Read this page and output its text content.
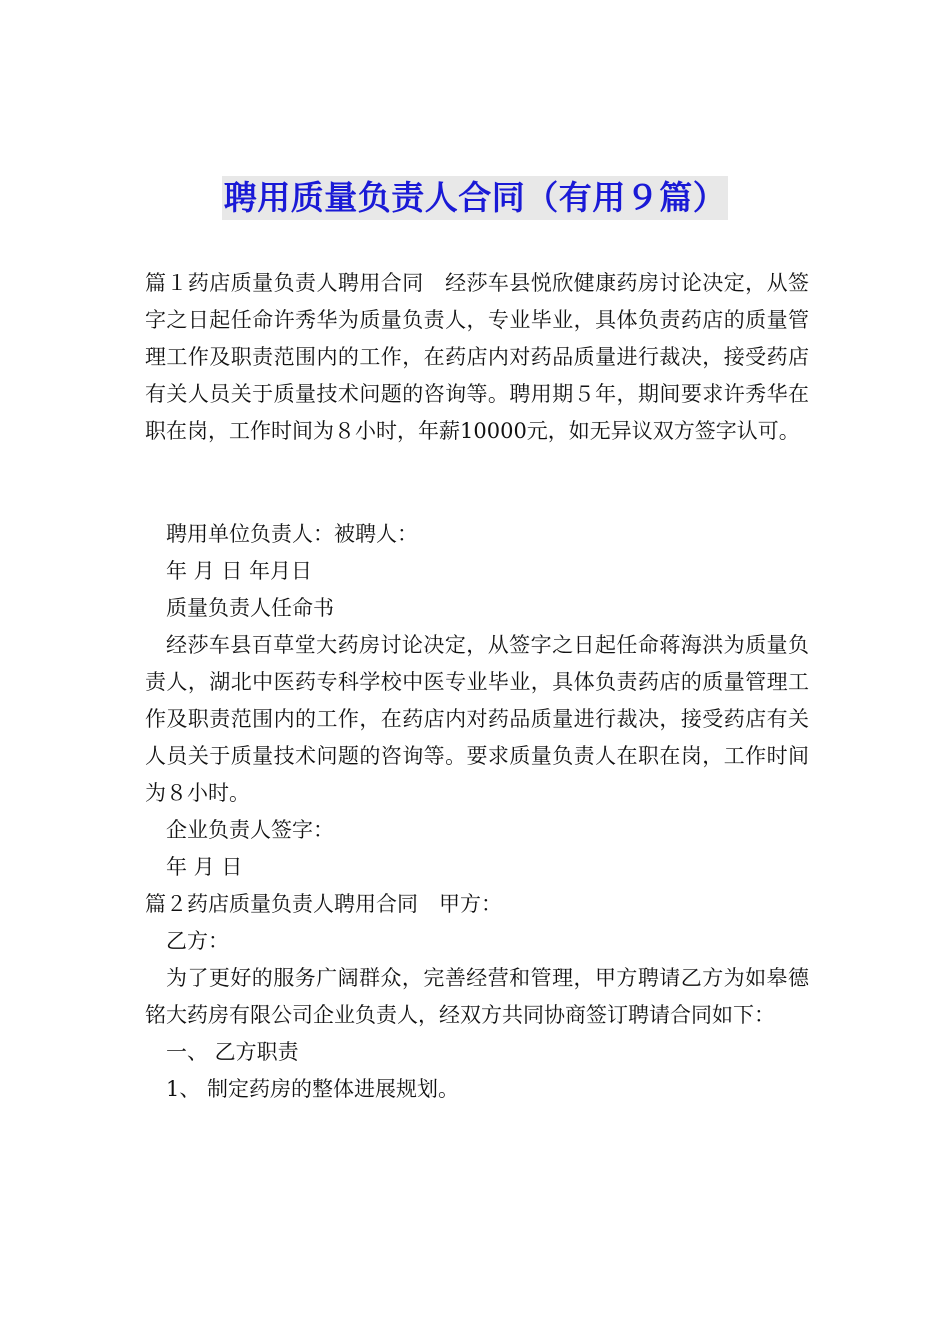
聘用质量负责人合同（有用９篇）

篇１药店质量负责人聘用合同　经莎车县悦欣健康药房讨论决定，从签字之日起任命许秀华为质量负责人，专业毕业，具体负责药店的质量管理工作及职责范围内的工作，在药店内对药品质量进行裁决，接受药店有关人员关于质量技术问题的咨询等。聘用期５年，期间要求许秀华在职在岗，工作时间为８小时，年薪10000元，如无异议双方签字认可。

聘用单位负责人：被聘人：

年 月 日 年月日

质量负责人任命书

经莎车县百草堂大药房讨论决定，从签字之日起任命蒋海洪为质量负责人，湖北中医药专科学校中医专业毕业，具体负责药店的质量管理工作及职责范围内的工作，在药店内对药品质量进行裁决，接受药店有关人员关于质量技术问题的咨询等。要求质量负责人在职在岗，工作时间为８小时。

企业负责人签字：

年 月 日

篇２药店质量负责人聘用合同　甲方：

乙方：

为了更好的服务广阔群众，完善经营和管理，甲方聘请乙方为如皋德铭大药房有限公司企业负责人，经双方共同协商签订聘请合同如下：

一、 乙方职责

1、 制定药房的整体进展规划。
